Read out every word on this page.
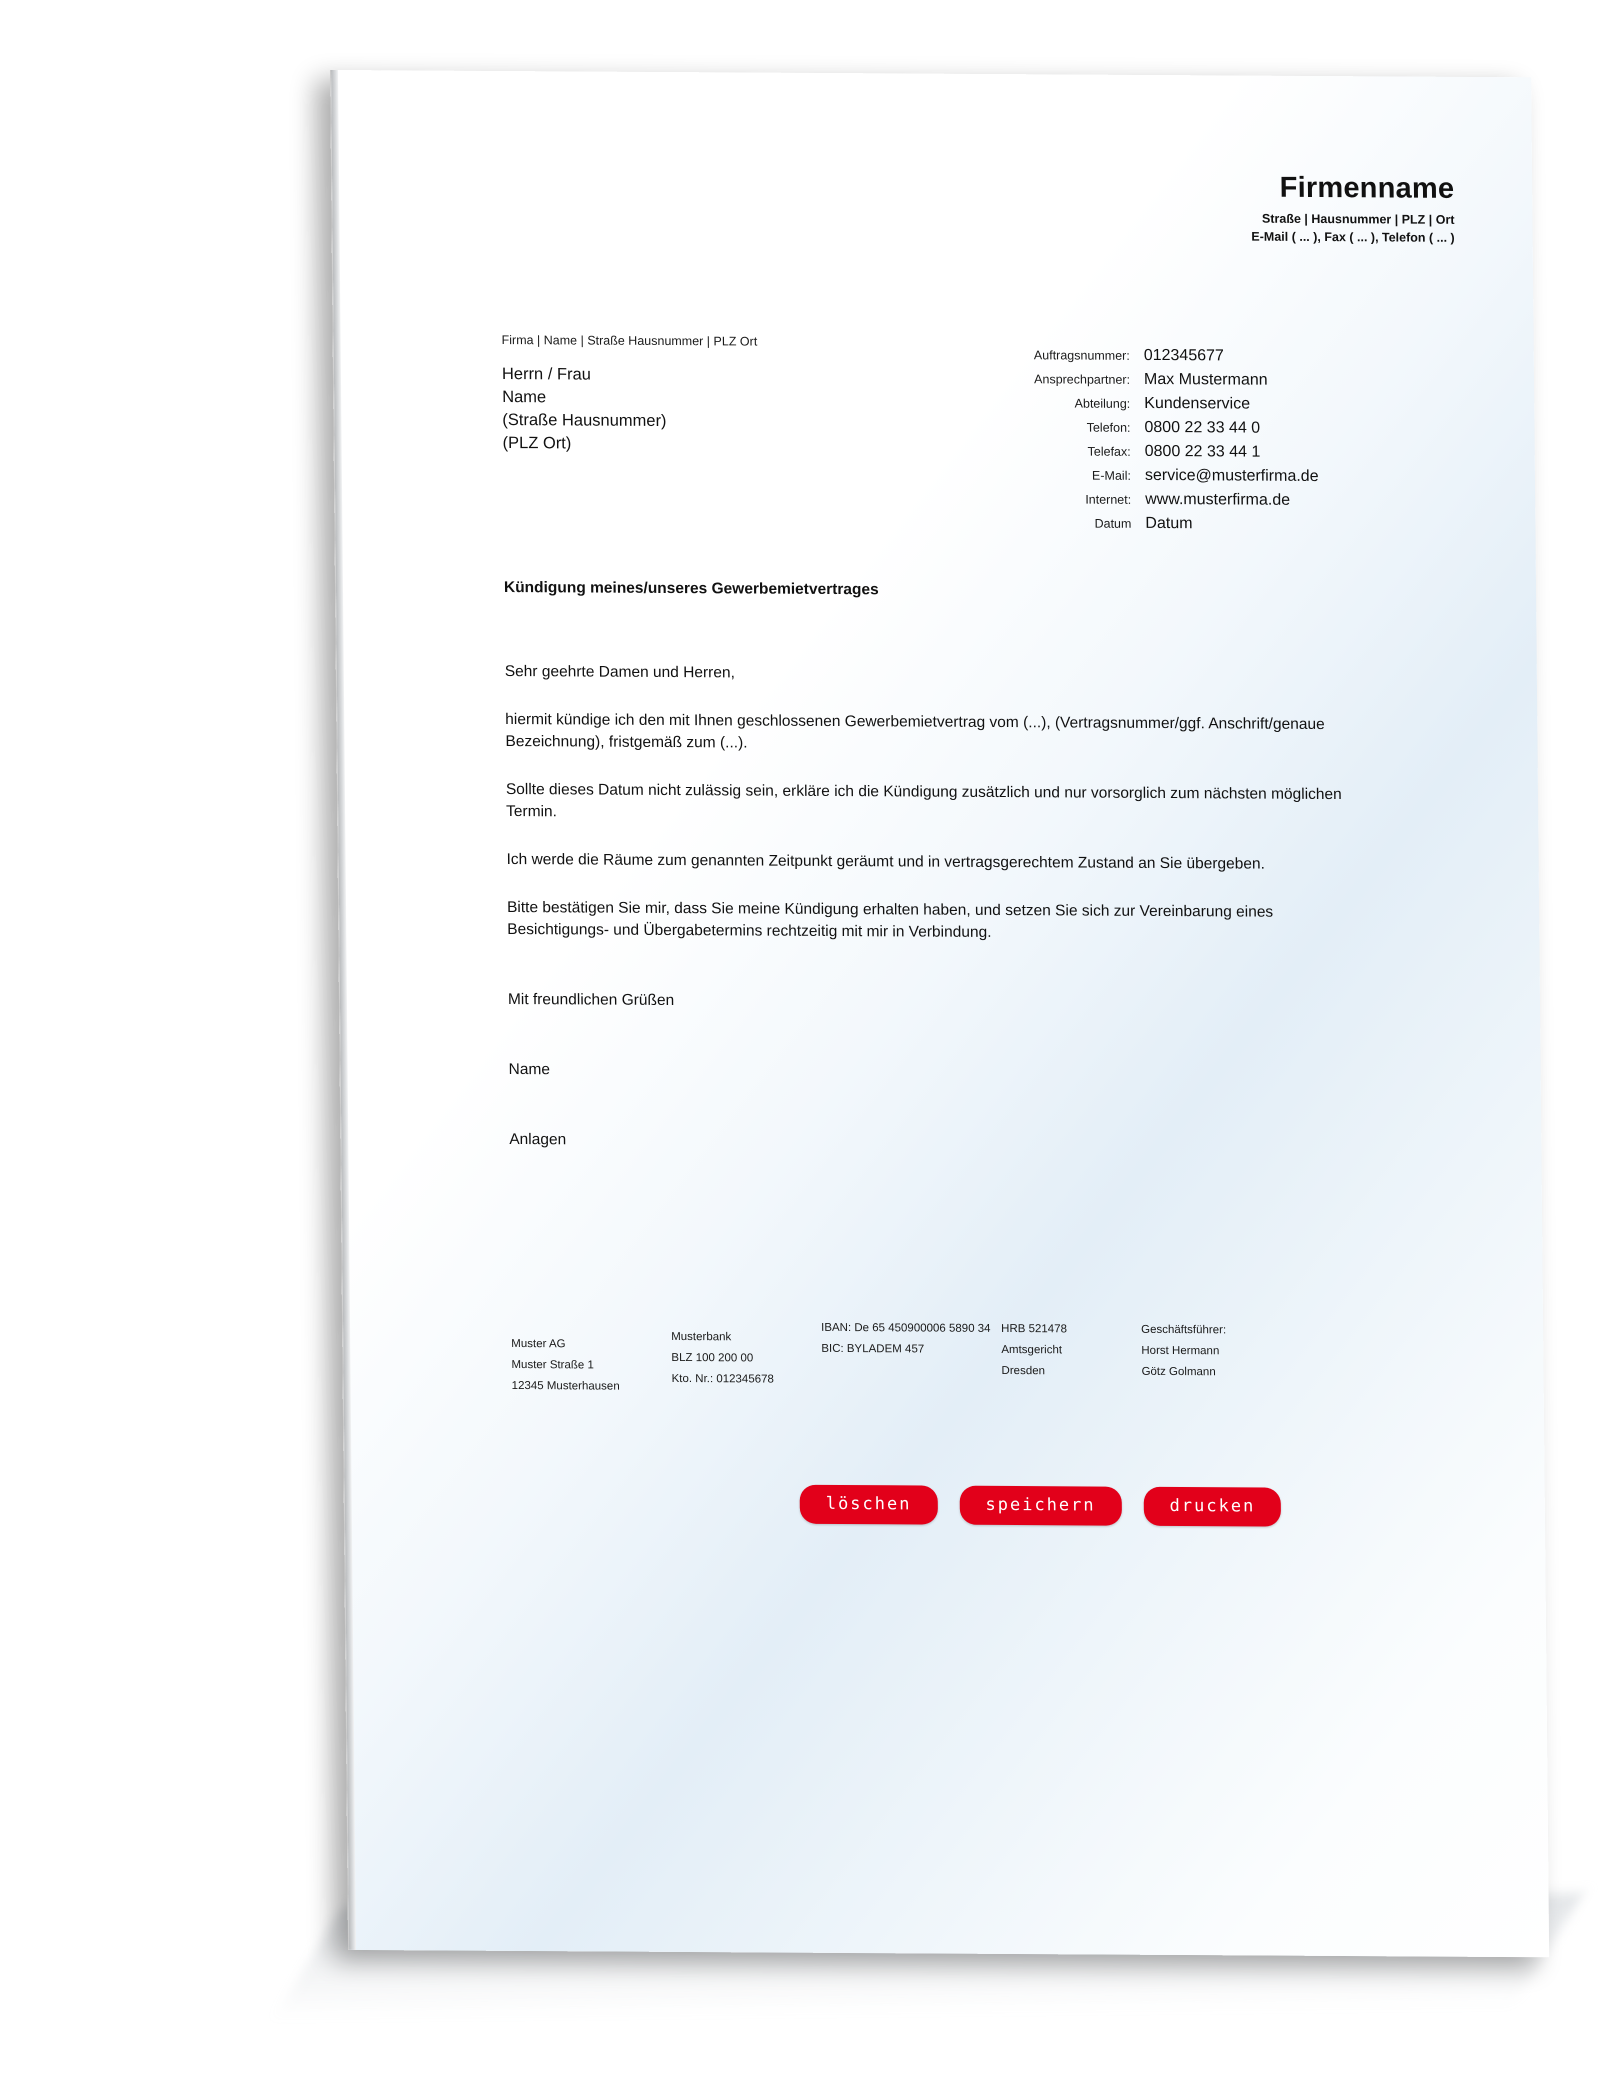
Firmenname
Straße | Hausnummer | PLZ | Ort
E-Mail ( ... ), Fax ( ... ), Telefon ( ... )
Firma | Name | Straße Hausnummer | PLZ Ort
Herrn / Frau
Name
(Straße Hausnummer)
(PLZ Ort)
Auftragsnummer: 012345677
Ansprechpartner: Max Mustermann
Abteilung: Kundenservice
Telefon: 0800 22 33 44 0
Telefax: 0800 22 33 44 1
E-Mail: service@musterfirma.de
Internet: www.musterfirma.de
Datum Datum
Kündigung meines/unseres Gewerbemietvertrages

Sehr geehrte Damen und Herren,

hiermit kündige ich den mit Ihnen geschlossenen Gewerbemietvertrag vom (...), (Vertragsnummer/ggf. Anschrift/genaue Bezeichnung), fristgemäß zum (...).

Sollte dieses Datum nicht zulässig sein, erkläre ich die Kündigung zusätzlich und nur vorsorglich zum nächsten möglichen Termin.

Ich werde die Räume zum genannten Zeitpunkt geräumt und in vertragsgerechtem Zustand an Sie übergeben.

Bitte bestätigen Sie mir, dass Sie meine Kündigung erhalten haben, und setzen Sie sich zur Vereinbarung eines Besichtigungs- und Übergabetermins rechtzeitig mit mir in Verbindung.

Mit freundlichen Grüßen

Name

Anlagen

Muster AG
Muster Straße 1
12345 Musterhausen
Musterbank
BLZ 100 200 00
Kto. Nr.: 012345678
IBAN: De 65 450900006 5890 34
BIC: BYLADEM 457
HRB 521478
Amtsgericht
Dresden
Geschäftsführer:
Horst Hermann
Götz Golmann
löschen	speichern	drucken
